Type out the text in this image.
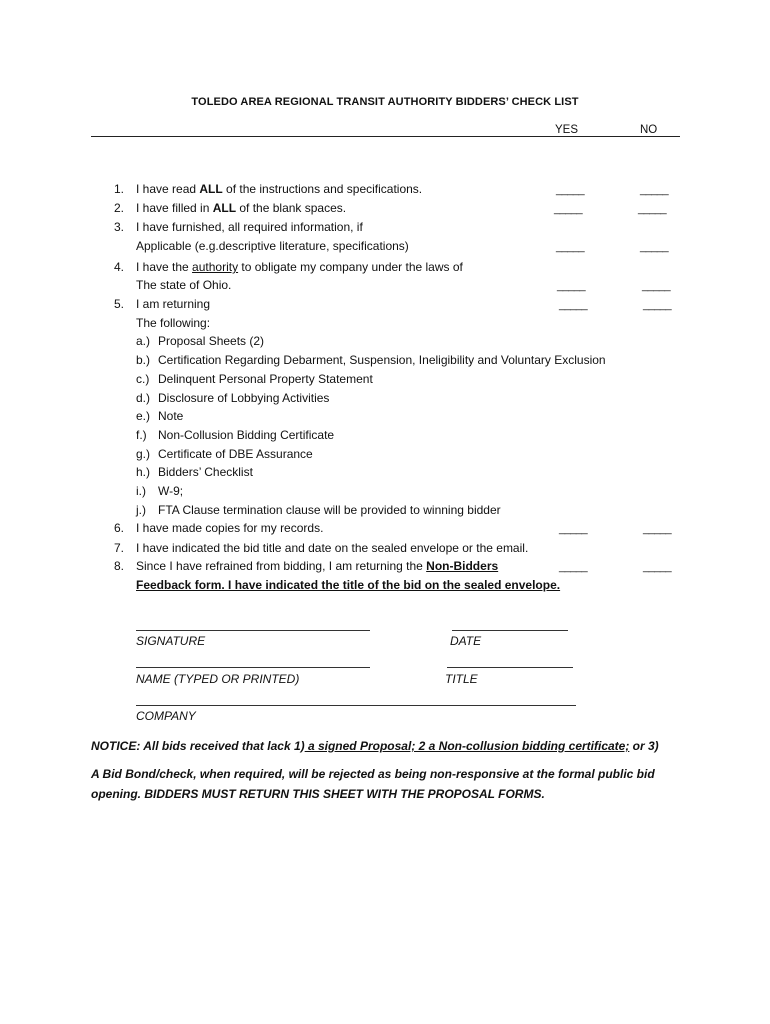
TOLEDO AREA REGIONAL TRANSIT AUTHORITY BIDDERS’ CHECK LIST
YES	NO
1. I have read ALL of the instructions and specifications.	_____	_____
2. I have filled in ALL of the blank spaces.	_____	_____
3. I have furnished, all required information, if
Applicable (e.g.descriptive literature, specifications)	_____	_____
4. I have the authority to obligate my company under the laws of
The state of Ohio.	_____	_____
5. I am returning	_____	_____
The following:
a.) Proposal Sheets (2)
b.) Certification Regarding Debarment, Suspension, Ineligibility and Voluntary Exclusion
c.) Delinquent Personal Property Statement
d.) Disclosure of Lobbying Activities
e.) Note
f.) Non-Collusion Bidding Certificate
g.) Certificate of DBE Assurance
h.) Bidders’ Checklist
i.) W-9;
j.) FTA Clause termination clause will be provided to winning bidder
6. I have made copies for my records.	_____	_____
7. I have indicated the bid title and date on the sealed envelope or the email.
8. Since I have refrained from bidding, I am returning the Non-Bidders	_____	_____
Feedback form. I have indicated the title of the bid on the sealed envelope.
SIGNATURE	DATE
NAME (TYPED OR PRINTED)	TITLE
COMPANY
NOTICE: All bids received that lack 1) a signed Proposal; 2 a Non-collusion bidding certificate; or 3)
A Bid Bond/check, when required, will be rejected as being non-responsive at the formal public bid
opening. BIDDERS MUST RETURN THIS SHEET WITH THE PROPOSAL FORMS.
